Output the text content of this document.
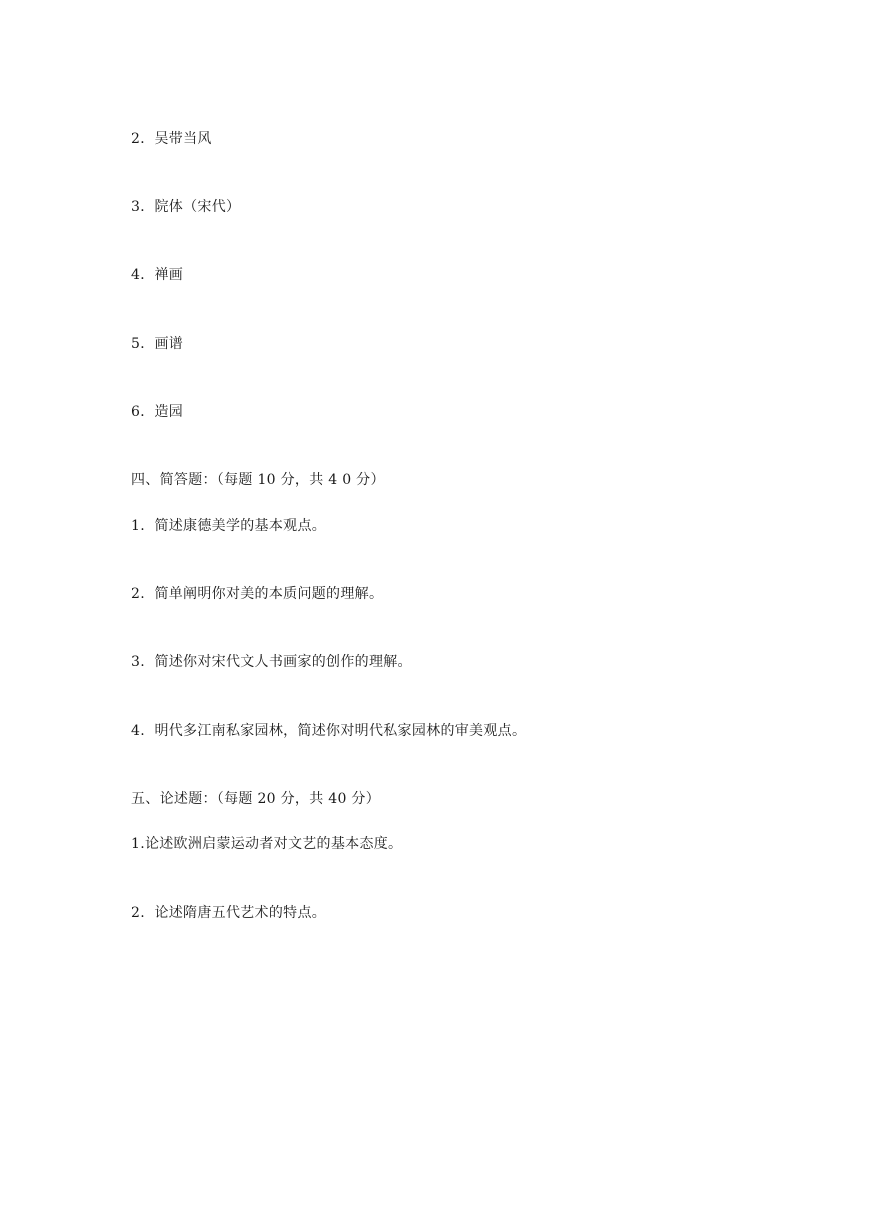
2．吴带当风
3．院体（宋代）
4．禅画
5．画谱
6．造园
四、简答题：（每题 10 分，共 4 0 分）
1.  简述康德美学的基本观点。
2.  简单阐明你对美的本质问题的理解。
3.  简述你对宋代文人书画家的创作的理解。
4.  明代多江南私家园林，简述你对明代私家园林的审美观点。
五、论述题：（每题 20 分，共 40 分）
1.论述欧洲启蒙运动者对文艺的基本态度。
2.  论述隋唐五代艺术的特点。
